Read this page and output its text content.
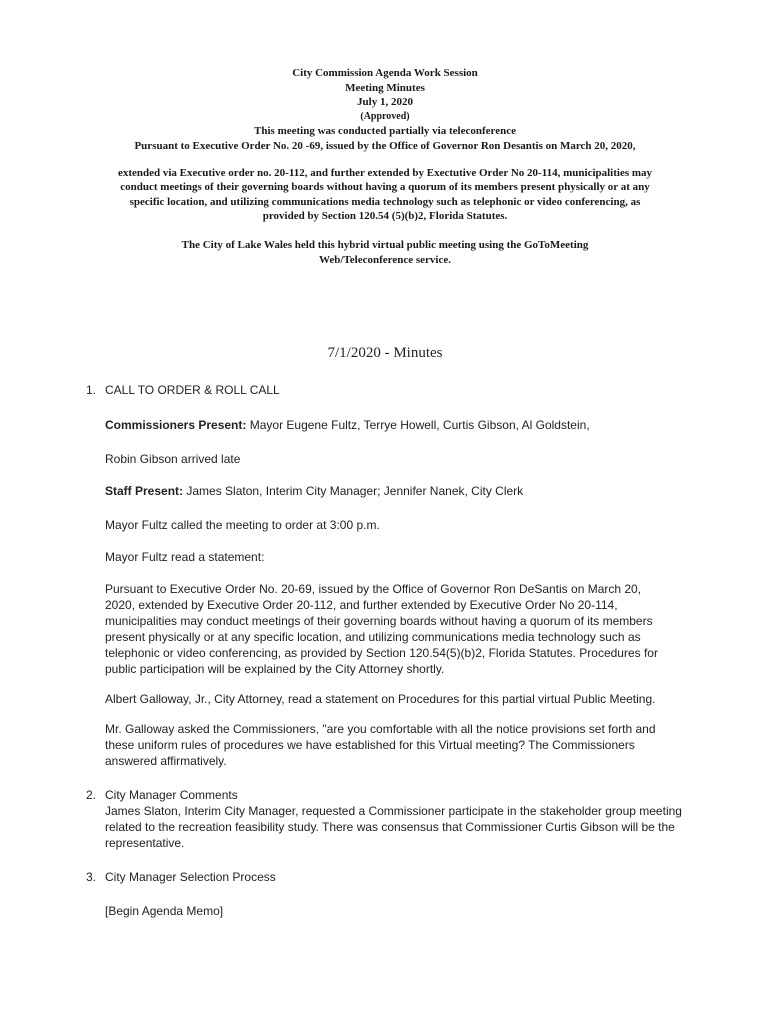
City Commission Agenda Work Session
Meeting Minutes
July 1, 2020
(Approved)
This meeting was conducted partially via teleconference
Pursuant to Executive Order No. 20 -69, issued by the Office of Governor Ron Desantis on March 20, 2020,
extended via Executive order no. 20-112, and further extended by Exectutive Order No 20-114, municipalities may conduct meetings of their governing boards without having a quorum of its members present physically or at any specific location, and utilizing communications media technology such as telephonic or video conferencing, as provided by Section 120.54 (5)(b)2, Florida Statutes.
The City of Lake Wales held this hybrid virtual public meeting using the GoToMeeting Web/Teleconference service.
7/1/2020 - Minutes
1. CALL TO ORDER & ROLL CALL

Commissioners Present: Mayor Eugene Fultz, Terrye Howell, Curtis Gibson, Al Goldstein,

Robin Gibson arrived late

Staff Present: James Slaton, Interim City Manager; Jennifer Nanek, City Clerk

Mayor Fultz called the meeting to order at 3:00 p.m.

Mayor Fultz read a statement:

Pursuant to Executive Order No. 20-69, issued by the Office of Governor Ron DeSantis on March 20, 2020, extended by Executive Order 20-112, and further extended by Executive Order No 20-114, municipalities may conduct meetings of their governing boards without having a quorum of its members present physically or at any specific location, and utilizing communications media technology such as telephonic or video conferencing, as provided by Section 120.54(5)(b)2, Florida Statutes. Procedures for public participation will be explained by the City Attorney shortly.

Albert Galloway, Jr., City Attorney, read a statement on Procedures for this partial virtual Public Meeting.

Mr. Galloway asked the Commissioners, "are you comfortable with all the notice provisions set forth and these uniform rules of procedures we have established for this Virtual meeting? The Commissioners answered affirmatively.

2. City Manager Comments

James Slaton, Interim City Manager, requested a Commissioner participate in the stakeholder group meeting related to the recreation feasibility study. There was consensus that Commissioner Curtis Gibson will be the representative.

3. City Manager Selection Process

[Begin Agenda Memo]
